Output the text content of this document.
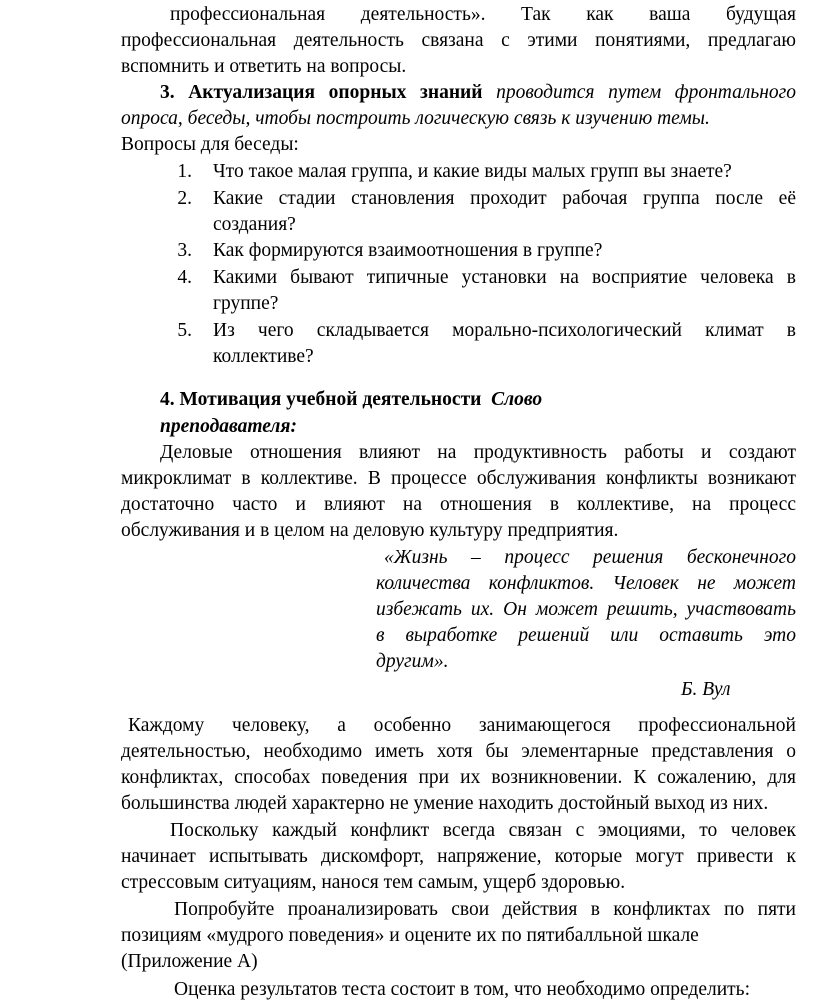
профессиональная деятельность». Так как ваша будущая
профессиональная деятельность связана с этими понятиями, предлагаю
вспомнить и ответить на вопросы.
3. Актуализация опорных знаний проводится путем фронтального
опроса, беседы, чтобы построить логическую связь к изучению темы.
Вопросы для беседы:
1. Что такое малая группа, и какие виды малых групп вы знаете?
2. Какие стадии становления проходит рабочая группа после её
создания?
3. Как формируются взаимоотношения в группе?
4. Какими бывают типичные установки на восприятие человека в
группе?
5. Из чего складывается морально-психологический климат в
коллективе?
4. Мотивация учебной деятельности Слово
преподавателя:
Деловые отношения влияют на продуктивность работы и создают
микроклимат в коллективе. В процессе обслуживания конфликты возникают
достаточно часто и влияют на отношения в коллективе, на процесс
обслуживания и в целом на деловую культуру предприятия.
«Жизнь – процесс решения бесконечного
количества конфликтов. Человек не может
избежать их. Он может решить, участвовать
в выработке решений или оставить это
другим».
Б. Вул
Каждому человеку, а особенно занимающегося профессиональной
деятельностью, необходимо иметь хотя бы элементарные представления о
конфликтах, способах поведения при их возникновении. К сожалению, для
большинства людей характерно не умение находить достойный выход из них.
Поскольку каждый конфликт всегда связан с эмоциями, то человек
начинает испытывать дискомфорт, напряжение, которые могут привести к
стрессовым ситуациям, нанося тем самым, ущерб здоровью.
Попробуйте проанализировать свои действия в конфликтах по пяти
позициям «мудрого поведения» и оцените их по пятибалльной шкале
(Приложение А)
Оценка результатов теста состоит в том, что необходимо определить:
